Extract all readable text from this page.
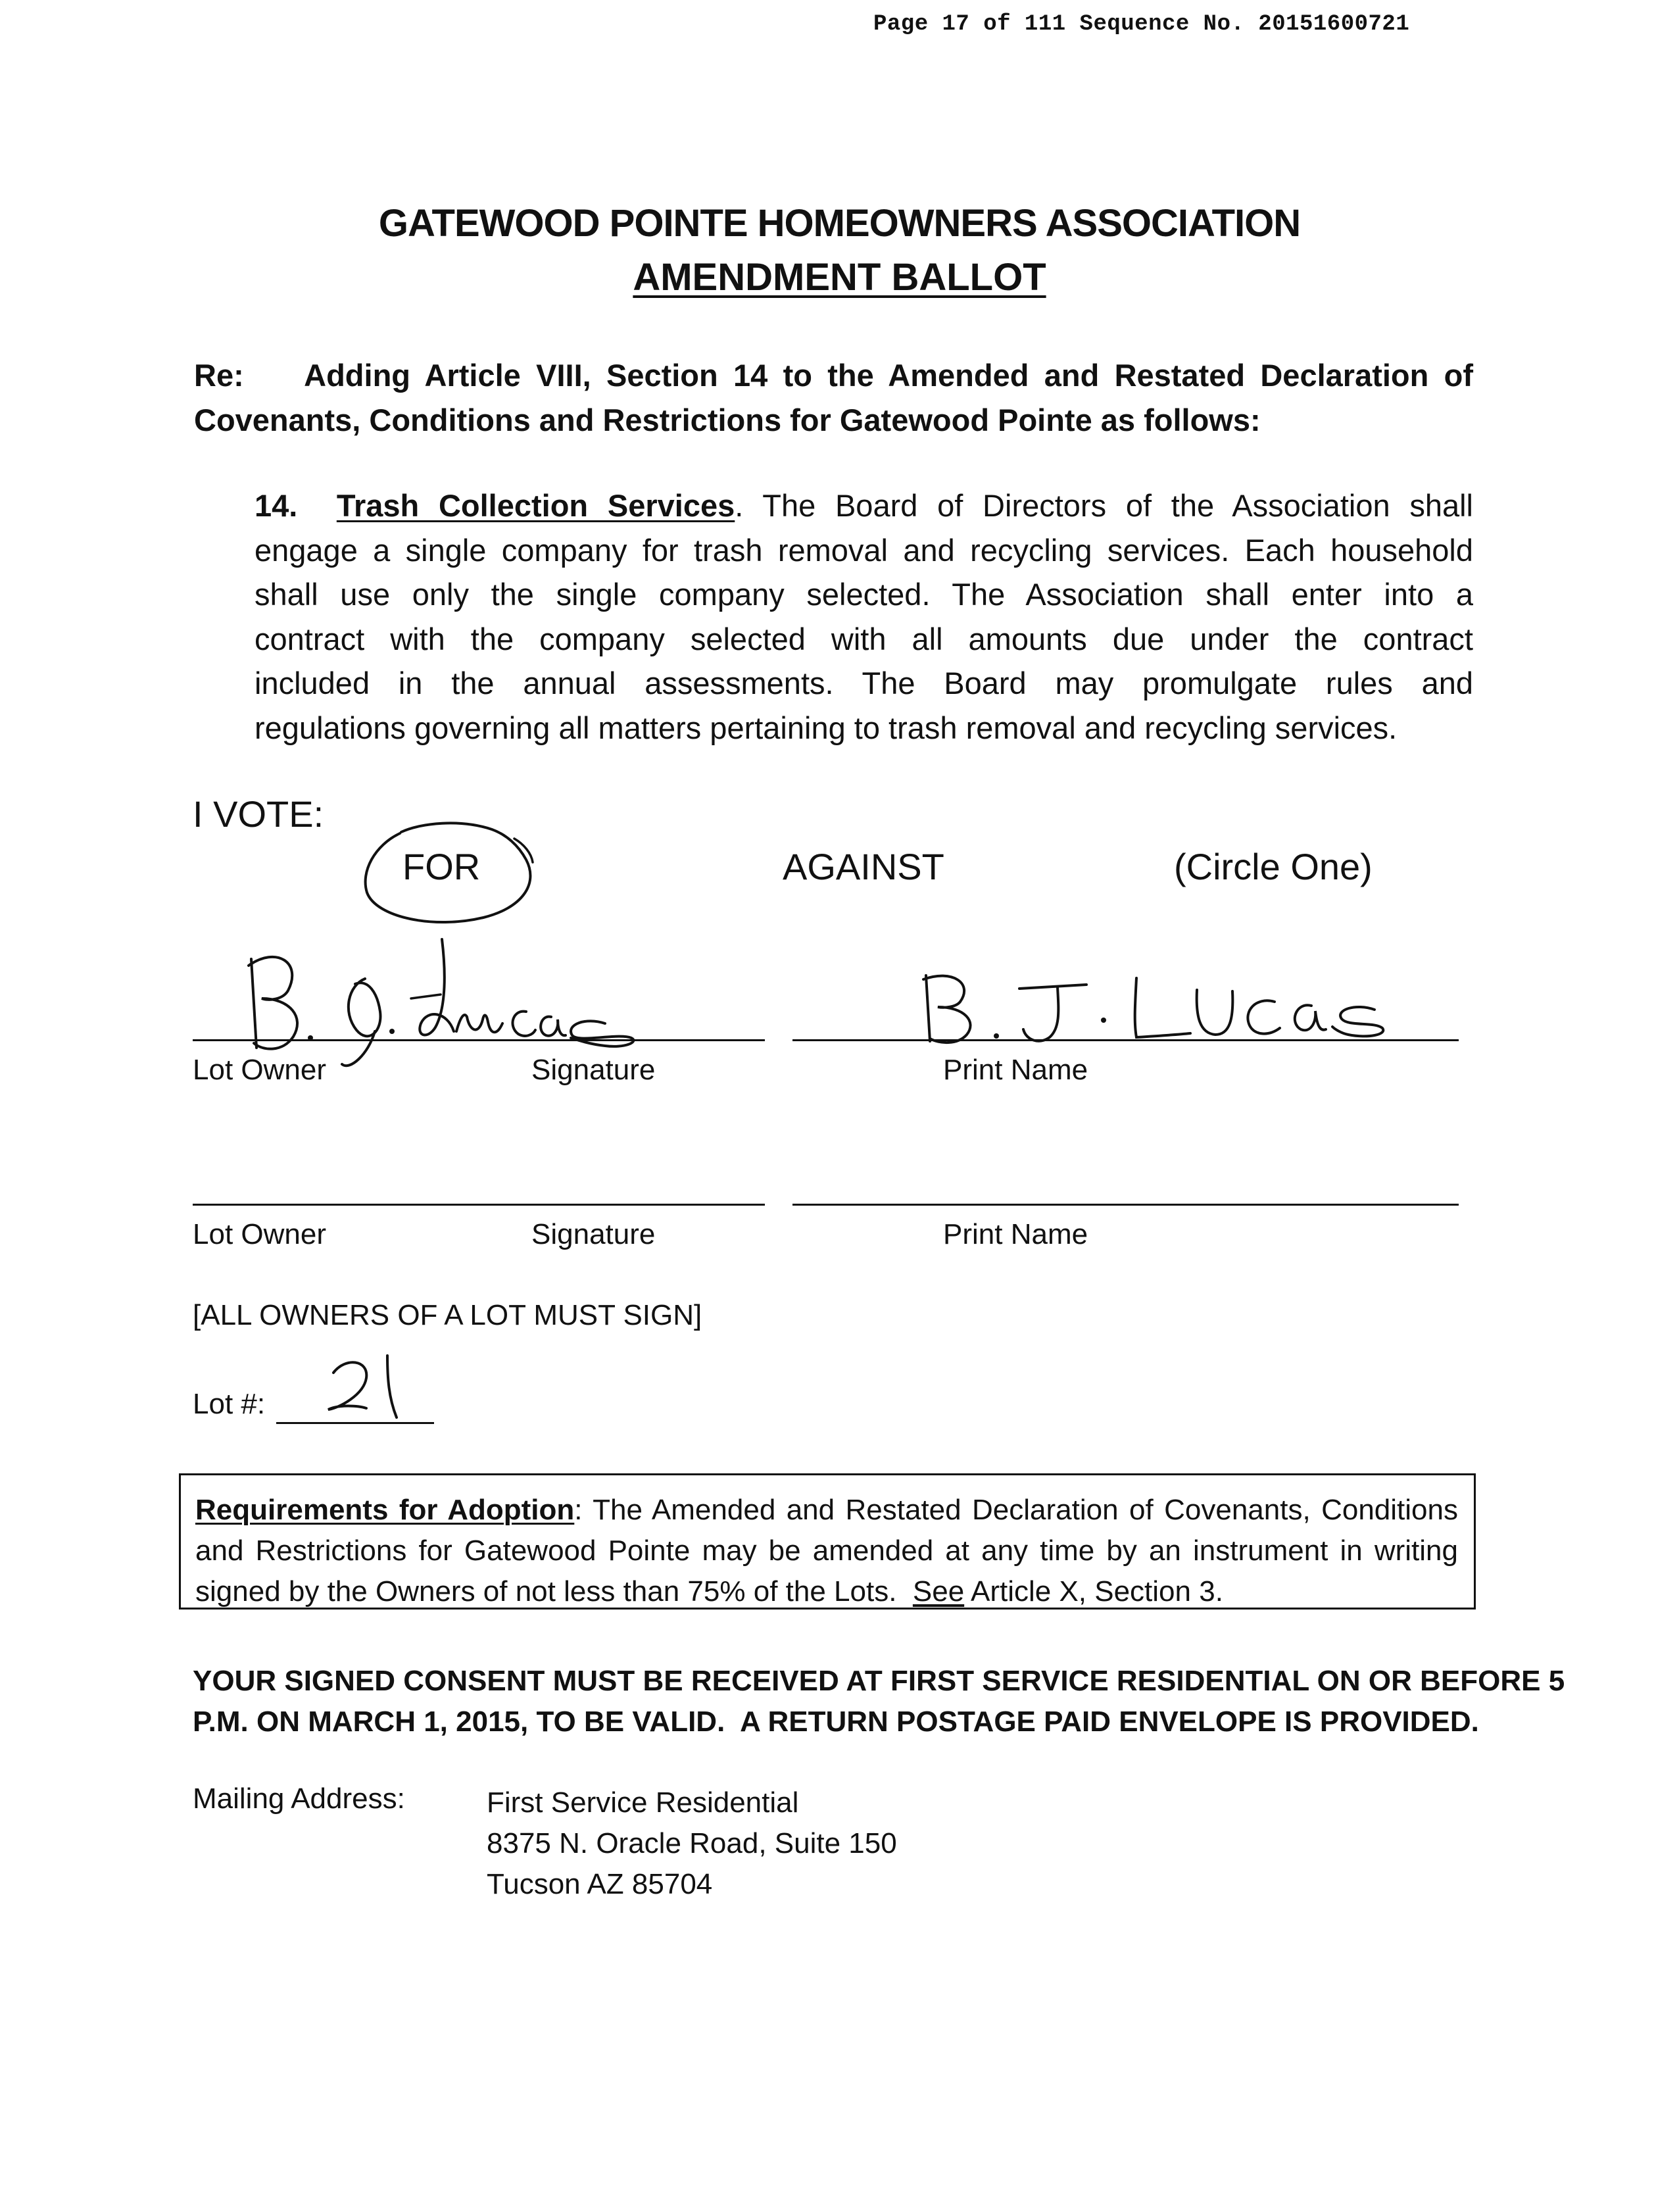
Page 17 of 111 Sequence No. 20151600721
GATEWOOD POINTE HOMEOWNERS ASSOCIATION
AMENDMENT BALLOT
Re:    Adding Article VIII, Section 14 to the Amended and Restated Declaration of
Covenants, Conditions and Restrictions for Gatewood Pointe as follows:
14. Trash Collection Services. The Board of Directors of the Association shall
engage a single company for trash removal and recycling services. Each household
shall use only the single company selected. The Association shall enter into a
contract with the company selected with all amounts due under the contract
included in the annual assessments. The Board may promulgate rules and
regulations governing all matters pertaining to trash removal and recycling services.
I VOTE:
FOR	AGAINST	(Circle One)
Lot Owner	Signature	Print Name
Lot Owner	Signature	Print Name
[ALL OWNERS OF A LOT MUST SIGN]
Lot #:
Requirements for Adoption: The Amended and Restated Declaration of Covenants, Conditions
and Restrictions for Gatewood Pointe may be amended at any time by an instrument in writing
signed by the Owners of not less than 75% of the Lots.  See Article X, Section 3.
YOUR SIGNED CONSENT MUST BE RECEIVED AT FIRST SERVICE RESIDENTIAL ON OR BEFORE 5
P.M. ON MARCH 1, 2015, TO BE VALID.  A RETURN POSTAGE PAID ENVELOPE IS PROVIDED.
Mailing Address:	First Service Residential
8375 N. Oracle Road, Suite 150
Tucson AZ 85704
